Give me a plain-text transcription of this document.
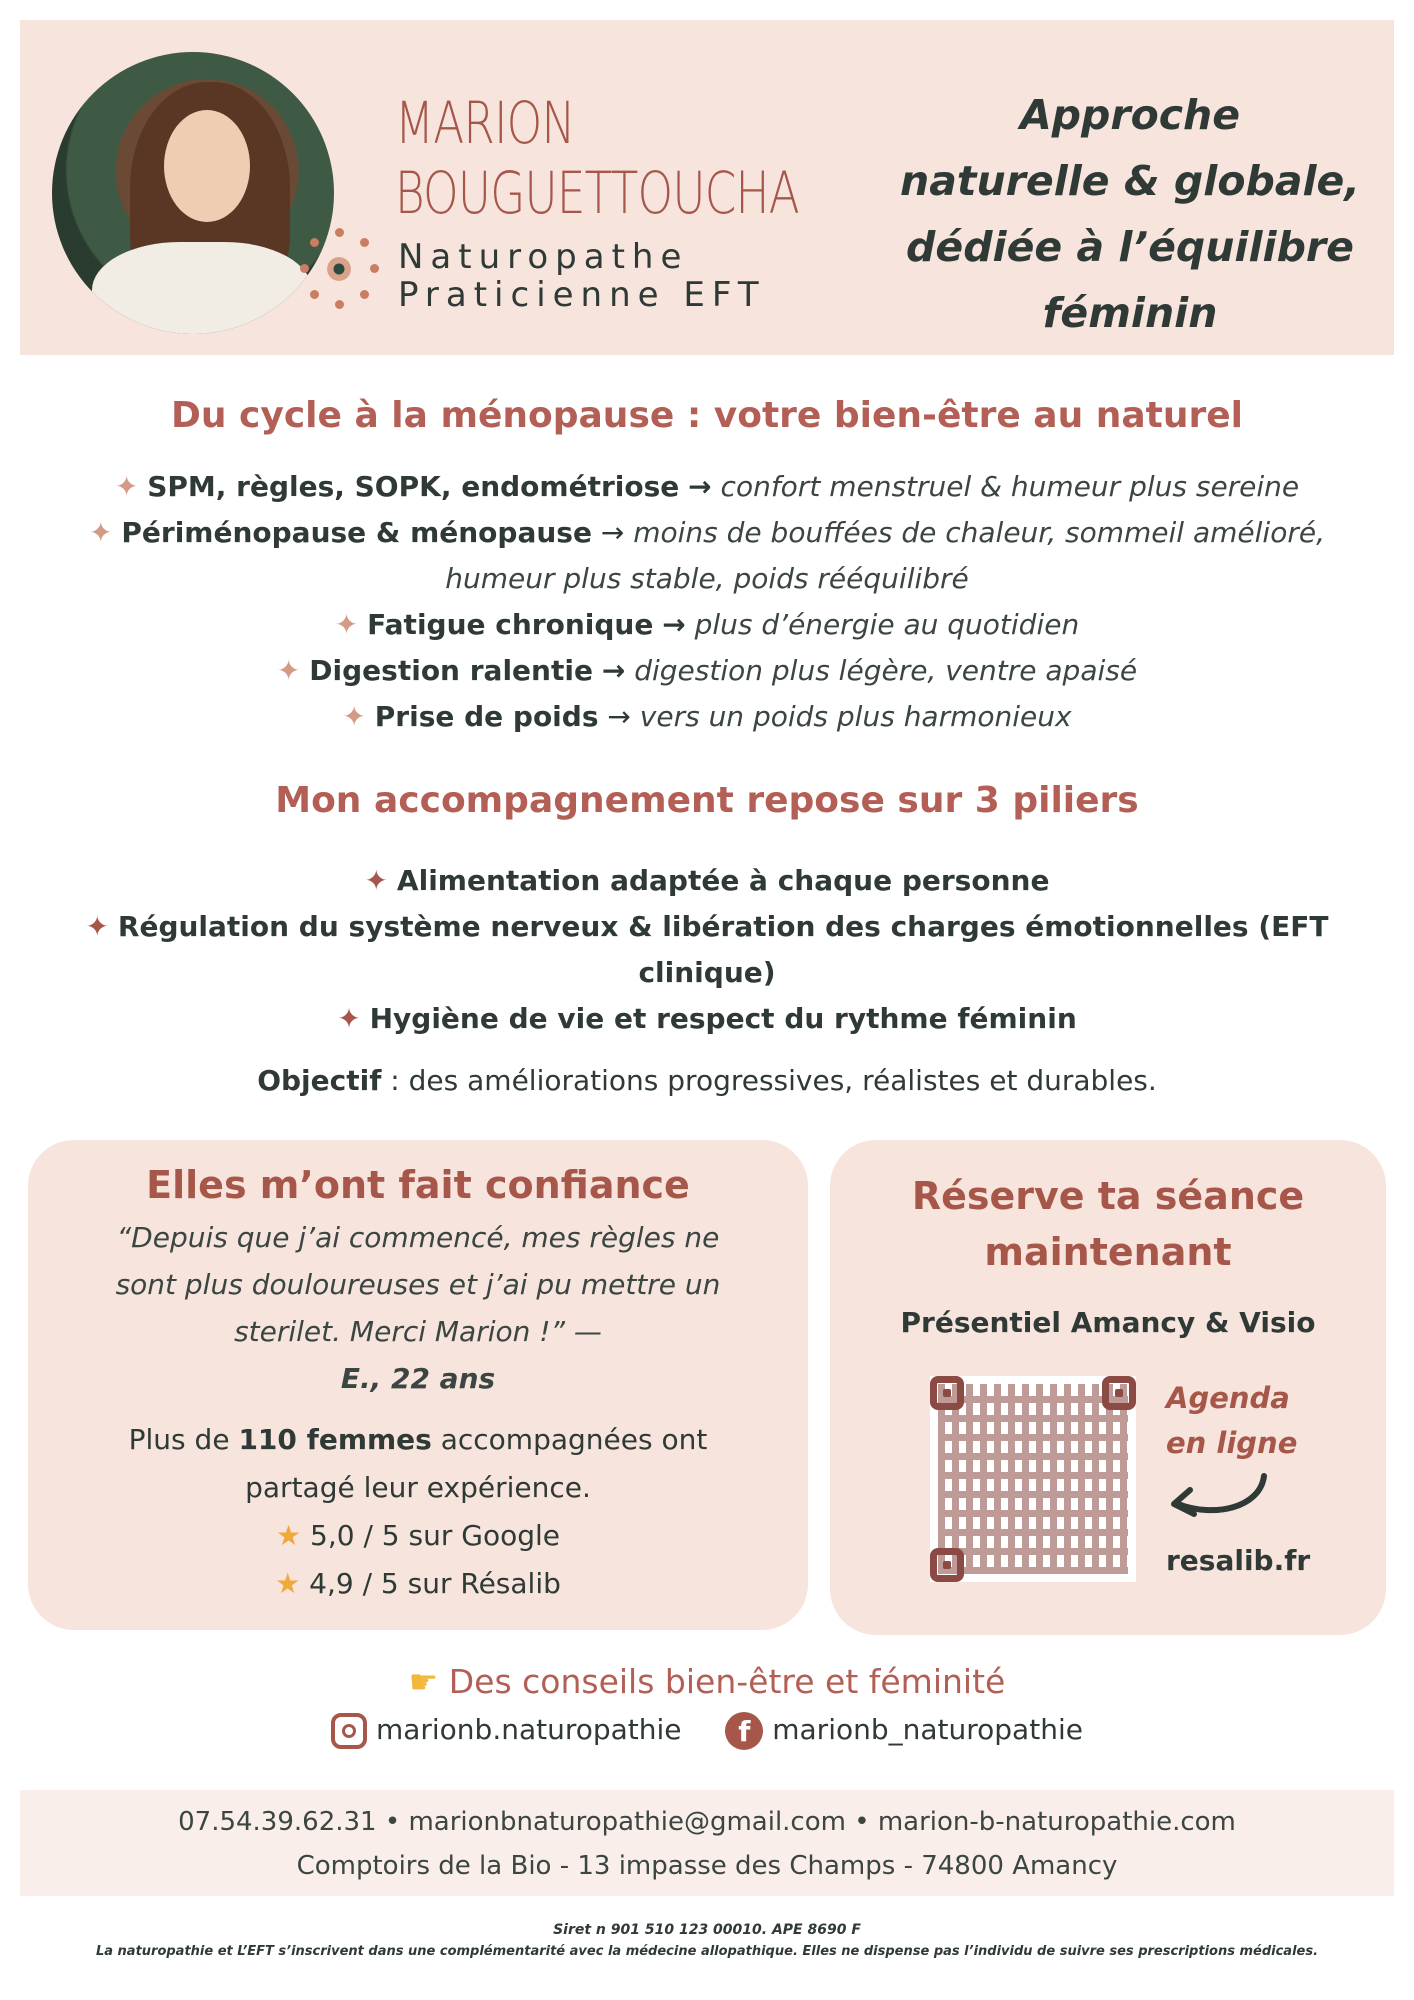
MARION
BOUGUETTOUCHA
Naturopathe
Praticienne EFT
Approche
naturelle & globale,
dédiée à l’équilibre
féminin
Du cycle à la ménopause : votre bien-être au naturel
✦ SPM, règles, SOPK, endométriose → confort menstruel & humeur plus sereine
✦ Périménopause & ménopause → moins de bouffées de chaleur, sommeil amélioré,
humeur plus stable, poids rééquilibré
✦ Fatigue chronique → plus d’énergie au quotidien
✦ Digestion ralentie → digestion plus légère, ventre apaisé
✦ Prise de poids → vers un poids plus harmonieux
Mon accompagnement repose sur 3 piliers
✦ Alimentation adaptée à chaque personne
✦ Régulation du système nerveux & libération des charges émotionnelles (EFT
clinique)
✦ Hygiène de vie et respect du rythme féminin
Objectif : des améliorations progressives, réalistes et durables.
Elles m’ont fait confiance
“Depuis que j’ai commencé, mes règles ne
sont plus douloureuses et j’ai pu mettre un
sterilet. Merci Marion !” —
E., 22 ans
Plus de 110 femmes accompagnées ont
partagé leur expérience.
★ 5,0 / 5 sur Google
★ 4,9 / 5 sur Résalib
Réserve ta séance
maintenant
Présentiel Amancy & Visio
Agenda
en ligne
resalib.fr
☛ Des conseils bien-être et féminité
marionb.naturopathie f marionb_naturopathie
07.54.39.62.31 • marionbnaturopathie@gmail.com • marion-b-naturopathie.com
Comptoirs de la Bio - 13 impasse des Champs - 74800 Amancy
Siret n 901 510 123 00010. APE 8690 F
La naturopathie et L’EFT s’inscrivent dans une complémentarité avec la médecine allopathique. Elles ne dispense pas l’individu de suivre ses prescriptions médicales.
